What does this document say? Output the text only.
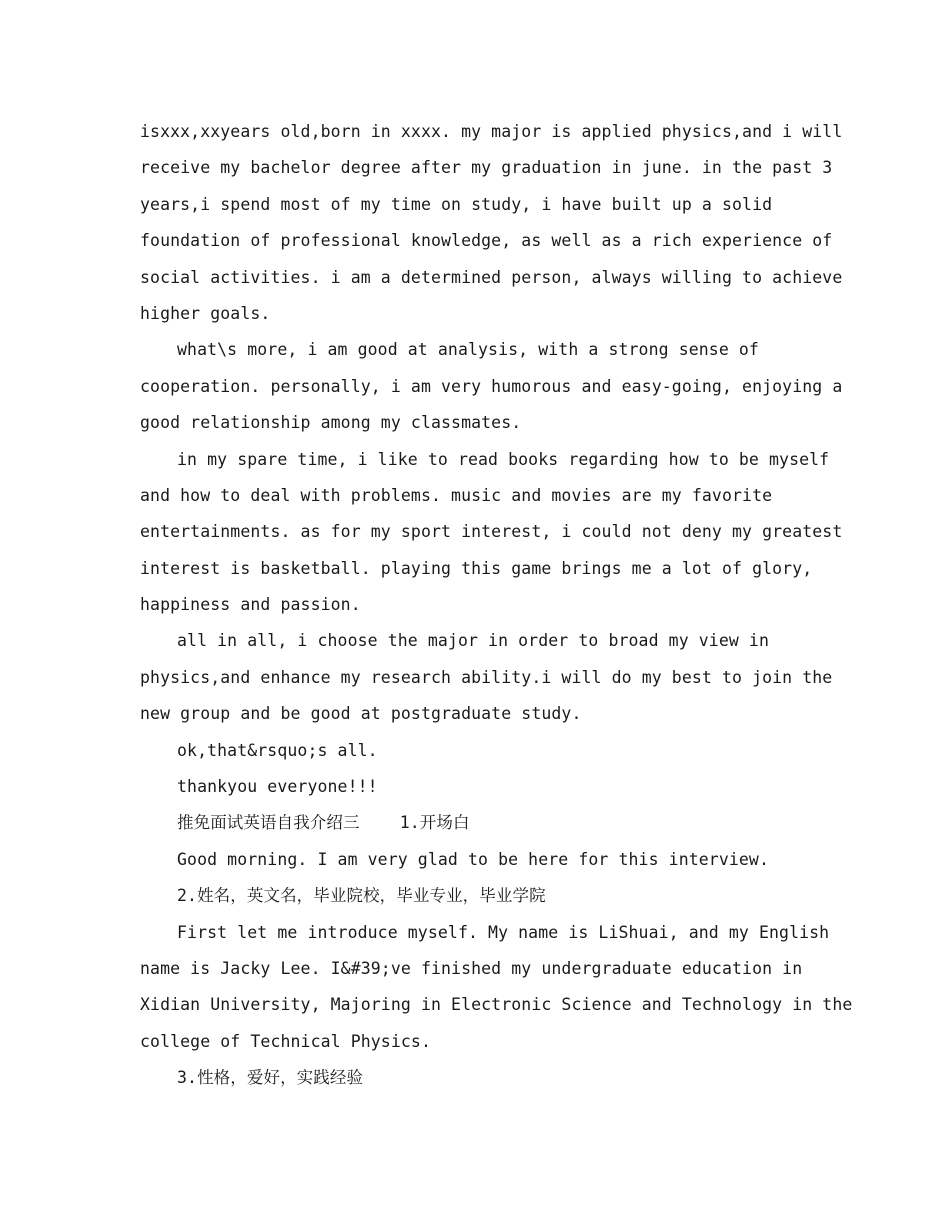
isxxx,xxyears old,born in xxxx. my major is applied physics,and i will
receive my bachelor degree after my graduation in june. in the past 3
years,i spend most of my time on study, i have built up a solid
foundation of professional knowledge, as well as a rich experience of
social activities. i am a determined person, always willing to achieve
higher goals.
what\s more, i am good at analysis, with a strong sense of
cooperation. personally, i am very humorous and easy-going, enjoying a
good relationship among my classmates.
in my spare time, i like to read books regarding how to be myself
and how to deal with problems. music and movies are my favorite
entertainments. as for my sport interest, i could not deny my greatest
interest is basketball. playing this game brings me a lot of glory,
happiness and passion.
all in all, i choose the major in order to broad my view in
physics,and enhance my research ability.i will do my best to join the
new group and be good at postgraduate study.
ok,that&rsquo;s all.
thankyou everyone!!!
推免面试英语自我介绍三    1.开场白
Good morning. I am very glad to be here for this interview.
2.姓名，英文名，毕业院校，毕业专业，毕业学院
First let me introduce myself. My name is LiShuai, and my English
name is Jacky Lee. I&#39;ve finished my undergraduate education in
Xidian University, Majoring in Electronic Science and Technology in the
college of Technical Physics.
3.性格，爱好，实践经验
